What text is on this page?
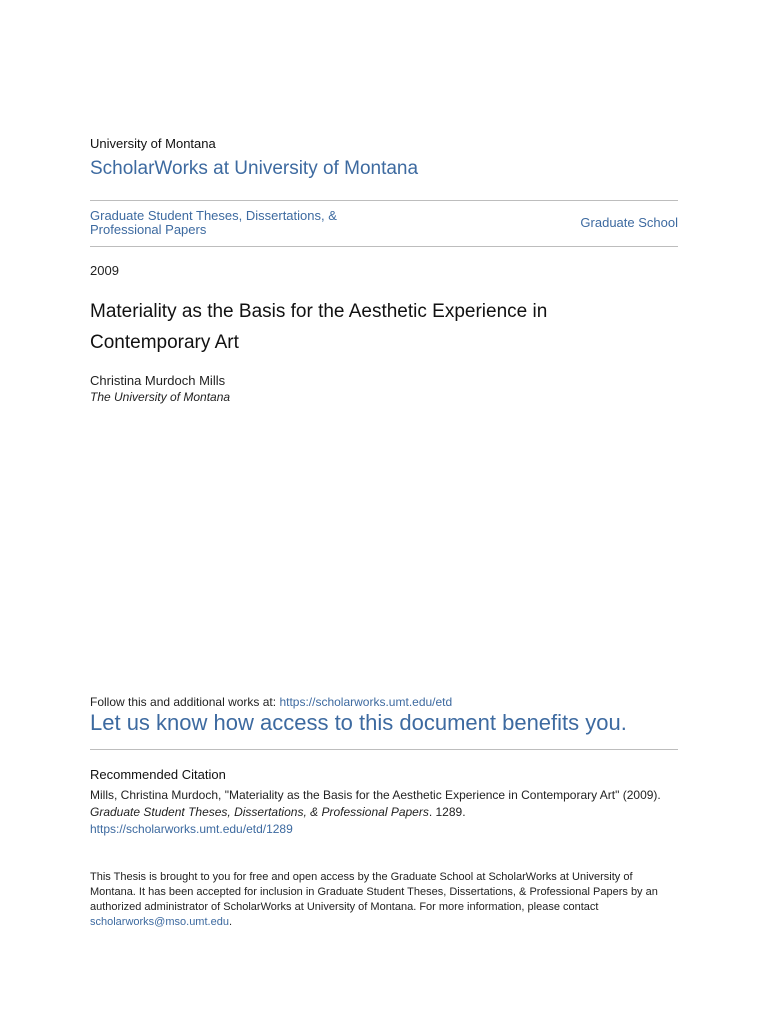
University of Montana
ScholarWorks at University of Montana
Graduate Student Theses, Dissertations, & Professional Papers	Graduate School
2009
Materiality as the Basis for the Aesthetic Experience in Contemporary Art
Christina Murdoch Mills
The University of Montana
Follow this and additional works at: https://scholarworks.umt.edu/etd
Let us know how access to this document benefits you.
Recommended Citation
Mills, Christina Murdoch, "Materiality as the Basis for the Aesthetic Experience in Contemporary Art" (2009). Graduate Student Theses, Dissertations, & Professional Papers. 1289.
https://scholarworks.umt.edu/etd/1289
This Thesis is brought to you for free and open access by the Graduate School at ScholarWorks at University of Montana. It has been accepted for inclusion in Graduate Student Theses, Dissertations, & Professional Papers by an authorized administrator of ScholarWorks at University of Montana. For more information, please contact
scholarworks@mso.umt.edu.
